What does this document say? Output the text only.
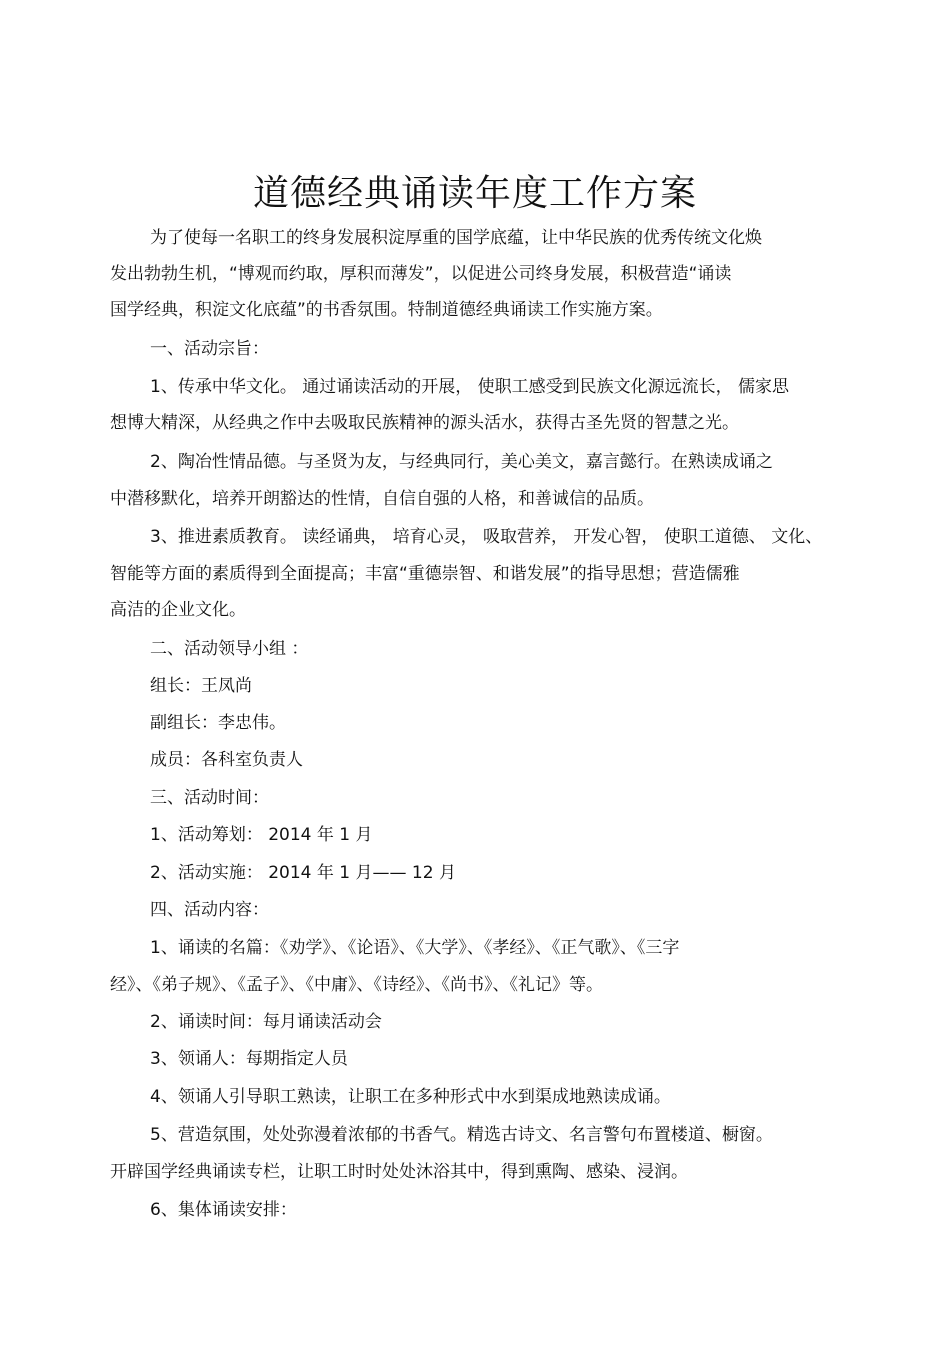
道德经典诵读年度工作方案
为了使每一名职工的终身发展积淀厚重的国学底蕴，让中华民族的优秀传统文化焕
发出勃勃生机，“博观而约取，厚积而薄发”，以促进公司终身发展，积极营造“诵读
国学经典，积淀文化底蕴”的书香氛围。特制道德经典诵读工作实施方案。
一、活动宗旨：
1、传承中华文化。 通过诵读活动的开展， 使职工感受到民族文化源远流长， 儒家思
想博大精深，从经典之作中去吸取民族精神的源头活水，获得古圣先贤的智慧之光。
2、陶冶性情品德。与圣贤为友，与经典同行，美心美文，嘉言懿行。在熟读成诵之
中潜移默化，培养开朗豁达的性情，自信自强的人格，和善诚信的品质。
3、推进素质教育。 读经诵典， 培育心灵， 吸取营养， 开发心智， 使职工道德、 文化、
智能等方面的素质得到全面提高；丰富“重德崇智、和谐发展”的指导思想；营造儒雅
高洁的企业文化。
二、活动领导小组 ：
组长：王凤尚
副组长：李忠伟。
成员：各科室负责人
三、活动时间：
1、活动筹划： 2014 年 1 月
2、活动实施： 2014 年 1 月—— 12 月
四、活动内容：
1、诵读的名篇：《劝学》、《论语》、《大学》、《孝经》、《正气歌》、《三字
经》、《弟子规》、《孟子》、《中庸》、《诗经》、《尚书》、《礼记》等。
2、诵读时间：每月诵读活动会
3、领诵人：每期指定人员
4、领诵人引导职工熟读，让职工在多种形式中水到渠成地熟读成诵。
5、营造氛围，处处弥漫着浓郁的书香气。精选古诗文、名言警句布置楼道、橱窗。
开辟国学经典诵读专栏，让职工时时处处沐浴其中，得到熏陶、感染、浸润。
6、集体诵读安排：
